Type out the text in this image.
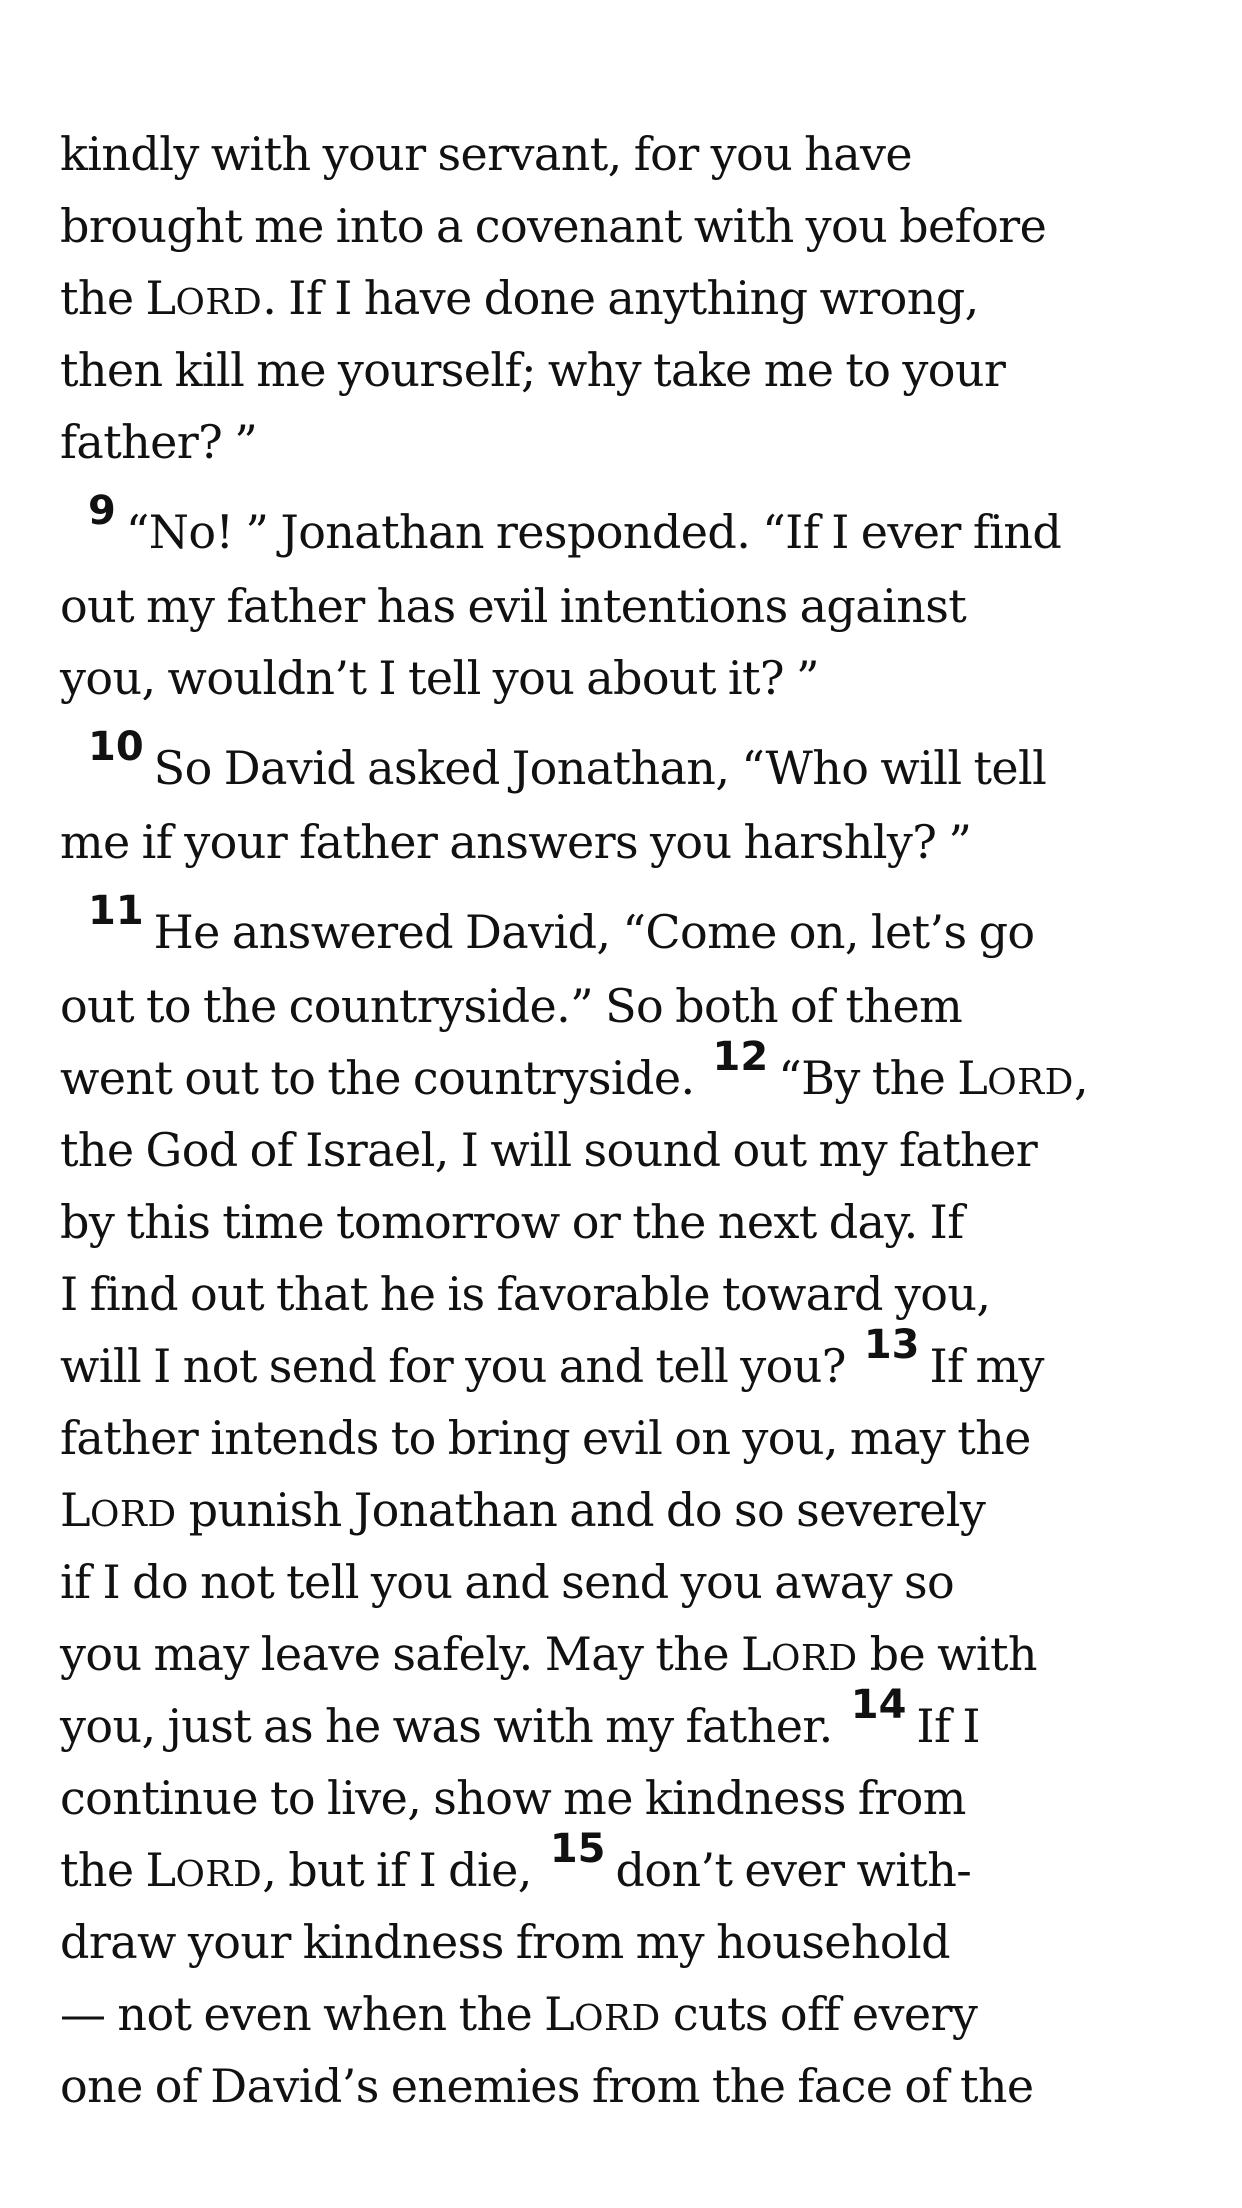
kindly with your servant, for you have
brought me into a covenant with you before
the LORD. If I have done anything wrong,
then kill me yourself; why take me to your
father? ”
9 “No! ” Jonathan responded. “If I ever find
out my father has evil intentions against
you, wouldn’t I tell you about it? ”
10 So David asked Jonathan, “Who will tell
me if your father answers you harshly? ”
11 He answered David, “Come on, let’s go
out to the countryside.” So both of them
went out to the countryside. 12 “By the LORD,
the God of Israel, I will sound out my father
by this time tomorrow or the next day. If
I find out that he is favorable toward you,
will I not send for you and tell you? 13 If my
father intends to bring evil on you, may the
LORD punish Jonathan and do so severely
if I do not tell you and send you away so
you may leave safely. May the LORD be with
you, just as he was with my father. 14 If I
continue to live, show me kindness from
the LORD, but if I die, 15 don’t ever with-
draw your kindness from my household
— not even when the LORD cuts off every
one of David’s enemies from the face of the
